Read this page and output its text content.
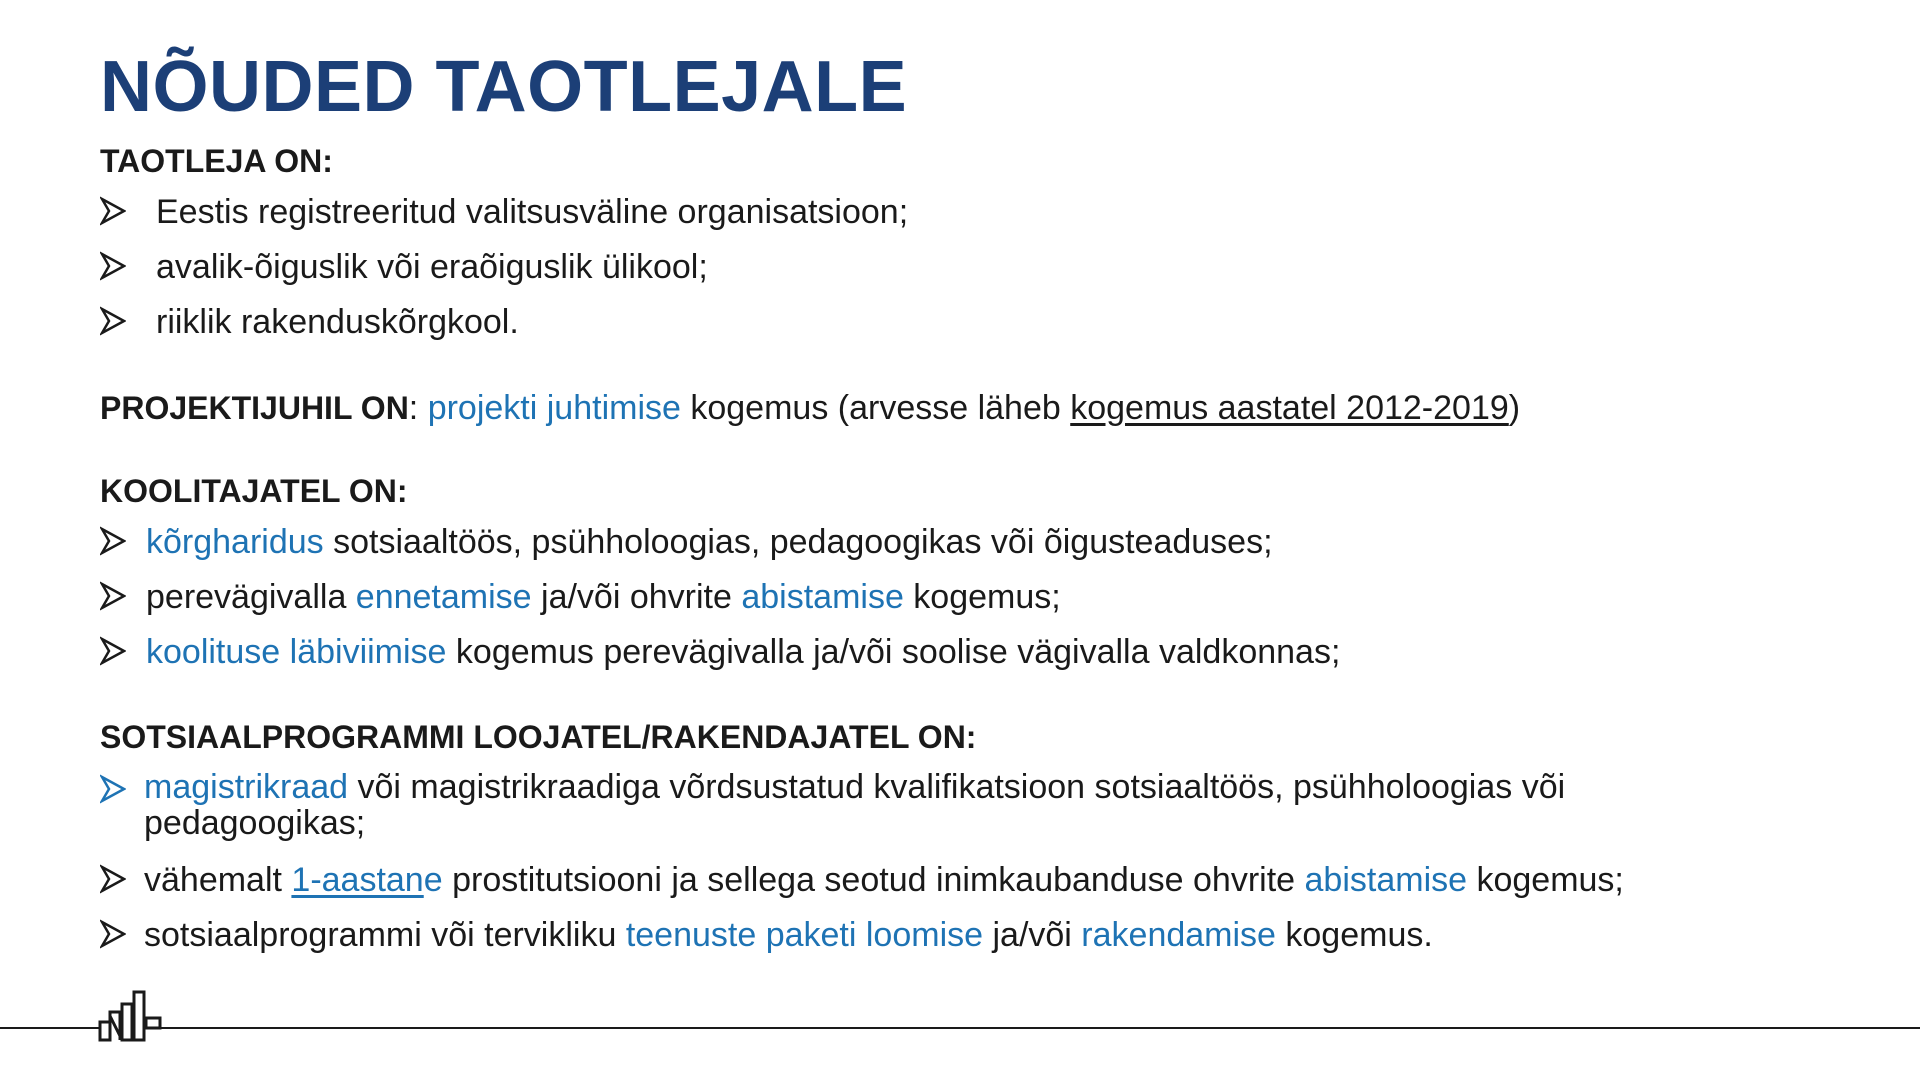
NÕUDED TAOTLEJALE
TAOTLEJA ON:
Eestis registreeritud valitsusväline organisatsioon;
avalik-õiguslik või eraõiguslik ülikool;
riiklik rakenduskõrgkool.

PROJEKTIJUHIL ON: projekti juhtimise kogemus (arvesse läheb kogemus aastatel 2012-2019)

KOOLITAJATEL ON:
kõrgharidus sotsiaaltöös, psühholoogias, pedagoogikas või õigusteaduses;
perevägivalla ennetamise ja/või ohvrite abistamise kogemus;
koolituse läbiviimise kogemus perevägivalla ja/või soolise vägivalla valdkonnas;
SOTSIAALPROGRAMMI LOOJATEL/RAKENDAJATEL ON:
magistrikraad või magistrikraadiga võrdsustatud kvalifikatsioon sotsiaaltöös, psühholoogias või pedagoogikas;
vähemalt 1-aastane prostitutsiooni ja sellega seotud inimkaubanduse ohvrite abistamise kogemus;
sotsiaalprogrammi või tervikliku teenuste paketi loomise ja/või rakendamise kogemus.
